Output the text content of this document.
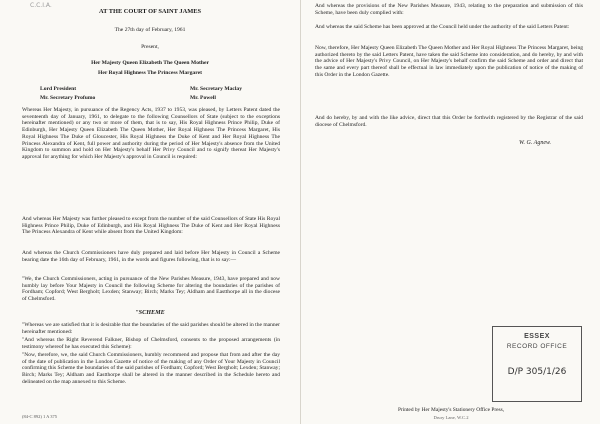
C.C.I.A.
AT THE COURT OF SAINT JAMES
The 27th day of February, 1961
Present,
Her Majesty Queen Elizabeth The Queen Mother
Her Royal Highness The Princess Margaret
Lord President
Mr. Secretary Profumo
Mr. Secretary Maclay
Mr. Powell
Whereas Her Majesty, in pursuance of the Regency Acts, 1937 to 1953, was pleased, by Letters Patent dated the seventeenth day of January, 1961, to delegate to the following Counsellors of State (subject to the exceptions hereinafter mentioned) or any two or more of them, that is to say, His Royal Highness Prince Philip, Duke of Edinburgh, Her Majesty Queen Elizabeth The Queen Mother, Her Royal Highness The Princess Margaret, His Royal Highness The Duke of Gloucester, His Royal Highness the Duke of Kent and Her Royal Highness The Princess Alexandra of Kent, full power and authority during the period of Her Majesty's absence from the United Kingdom to summon and hold on Her Majesty's behalf Her Privy Council and to signify thereat Her Majesty's approval for anything for which Her Majesty's approval in Council is required:
And whereas Her Majesty was further pleased to except from the number of the said Counsellors of State His Royal Highness Prince Philip, Duke of Edinburgh, and His Royal Highness The Duke of Kent and Her Royal Highness The Princess Alexandra of Kent while absent from the United Kingdom:
And whereas the Church Commissioners have duly prepared and laid before Her Majesty in Council a Scheme bearing date the 16th day of February, 1961, in the words and figures following, that is to say:—
"We, the Church Commissioners, acting in pursuance of the New Parishes Measure, 1943, have prepared and now humbly lay before Your Majesty in Council the following Scheme for altering the boundaries of the parishes of Fordham; Copford; West Bergholt; Lexden; Stanway; Birch; Marks Tey; Aldham and Eastthorpe all in the diocese of Chelmsford.
"SCHEME
"Whereas we are satisfied that it is desirable that the boundaries of the said parishes should be altered in the manner hereinafter mentioned:
"And whereas the Right Reverend Falkner, Bishop of Chelmsford, consents to the proposed arrangements (in testimony whereof he has executed this Scheme):
"Now, therefore, we, the said Church Commissioners, humbly recommend and propose that from and after the day of the date of publication in the London Gazette of notice of the making of any Order of Your Majesty in Council confirming this Scheme the boundaries of the said parishes of Fordham; Copford; West Bergholt; Lexden; Stanway; Birch; Marks Tey; Aldham and Eastthorpe shall be altered in the manner described in the Schedule hereto and delineated on the map annexed to this Scheme.
(84-C 892) 1 A 375
And whereas the provisions of the New Parishes Measure, 1943, relating to the preparation and submission of this Scheme, have been duly complied with:
And whereas the said Scheme has been approved at the Council held under the authority of the said Letters Patent:
Now, therefore, Her Majesty Queen Elizabeth The Queen Mother and Her Royal Highness The Princess Margaret, being authorized thereto by the said Letters Patent, have taken the said Scheme into consideration, and do hereby, by and with the advice of Her Majesty's Privy Council, on Her Majesty's behalf confirm the said Scheme and order and direct that the same and every part thereof shall be effectual in law immediately upon the publication of notice of the making of this Order in the London Gazette.
And do hereby, by and with the like advice, direct that this Order be forthwith registered by the Registrar of the said diocese of Chelmsford.
W. G. Agnew.
Printed by Her Majesty's Stationery Office Press,
Drury Lane, W.C.2
ESSEX
RECORD OFFICE
D/P 305/1/26
